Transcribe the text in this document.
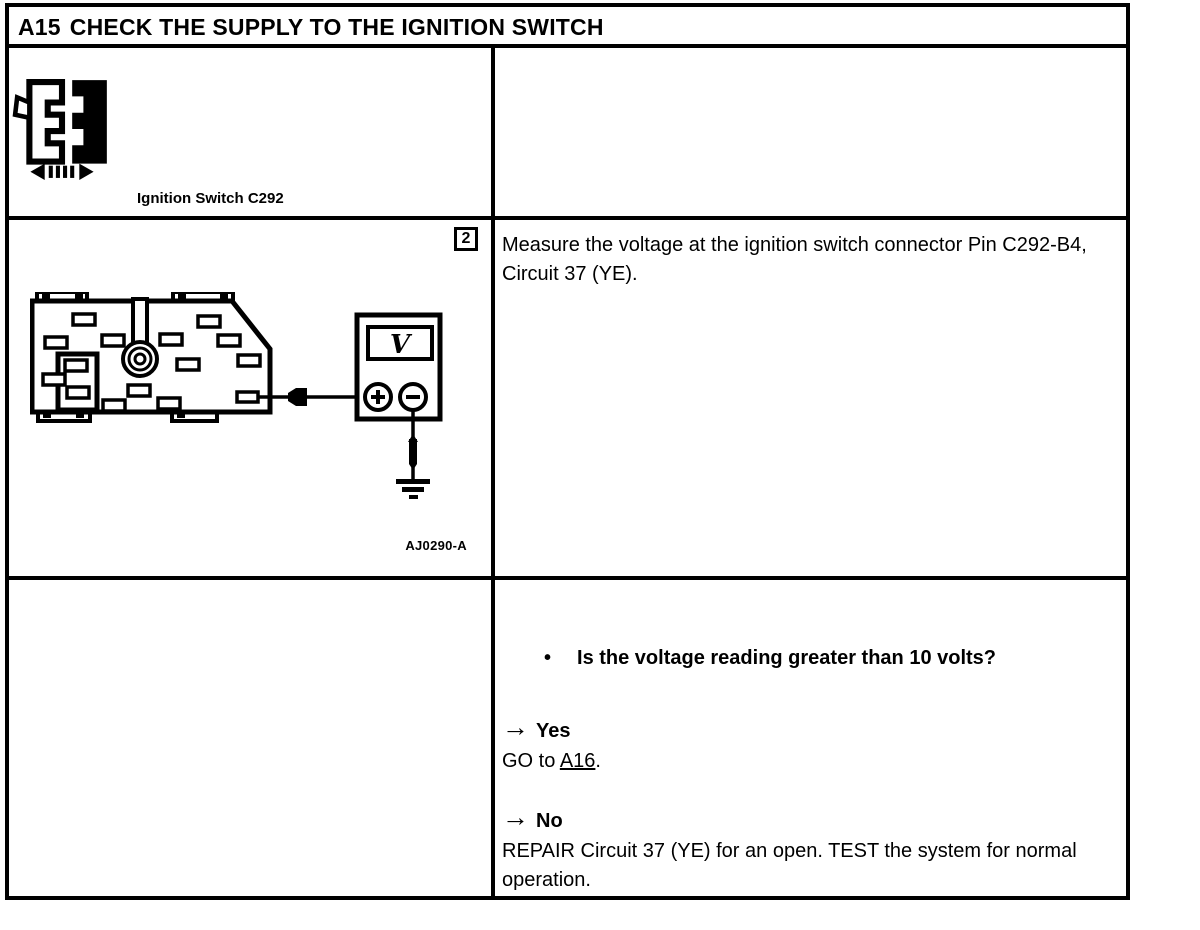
A15 CHECK THE SUPPLY TO THE IGNITION SWITCH
Ignition Switch C292
2
V
AJ0290-A
Measure the voltage at the ignition switch connector Pin C292-B4, Circuit 37 (YE).
• Is the voltage reading greater than 10 volts?
→ Yes
GO to A16.
→ No
REPAIR Circuit 37 (YE) for an open. TEST the system for normal operation.
